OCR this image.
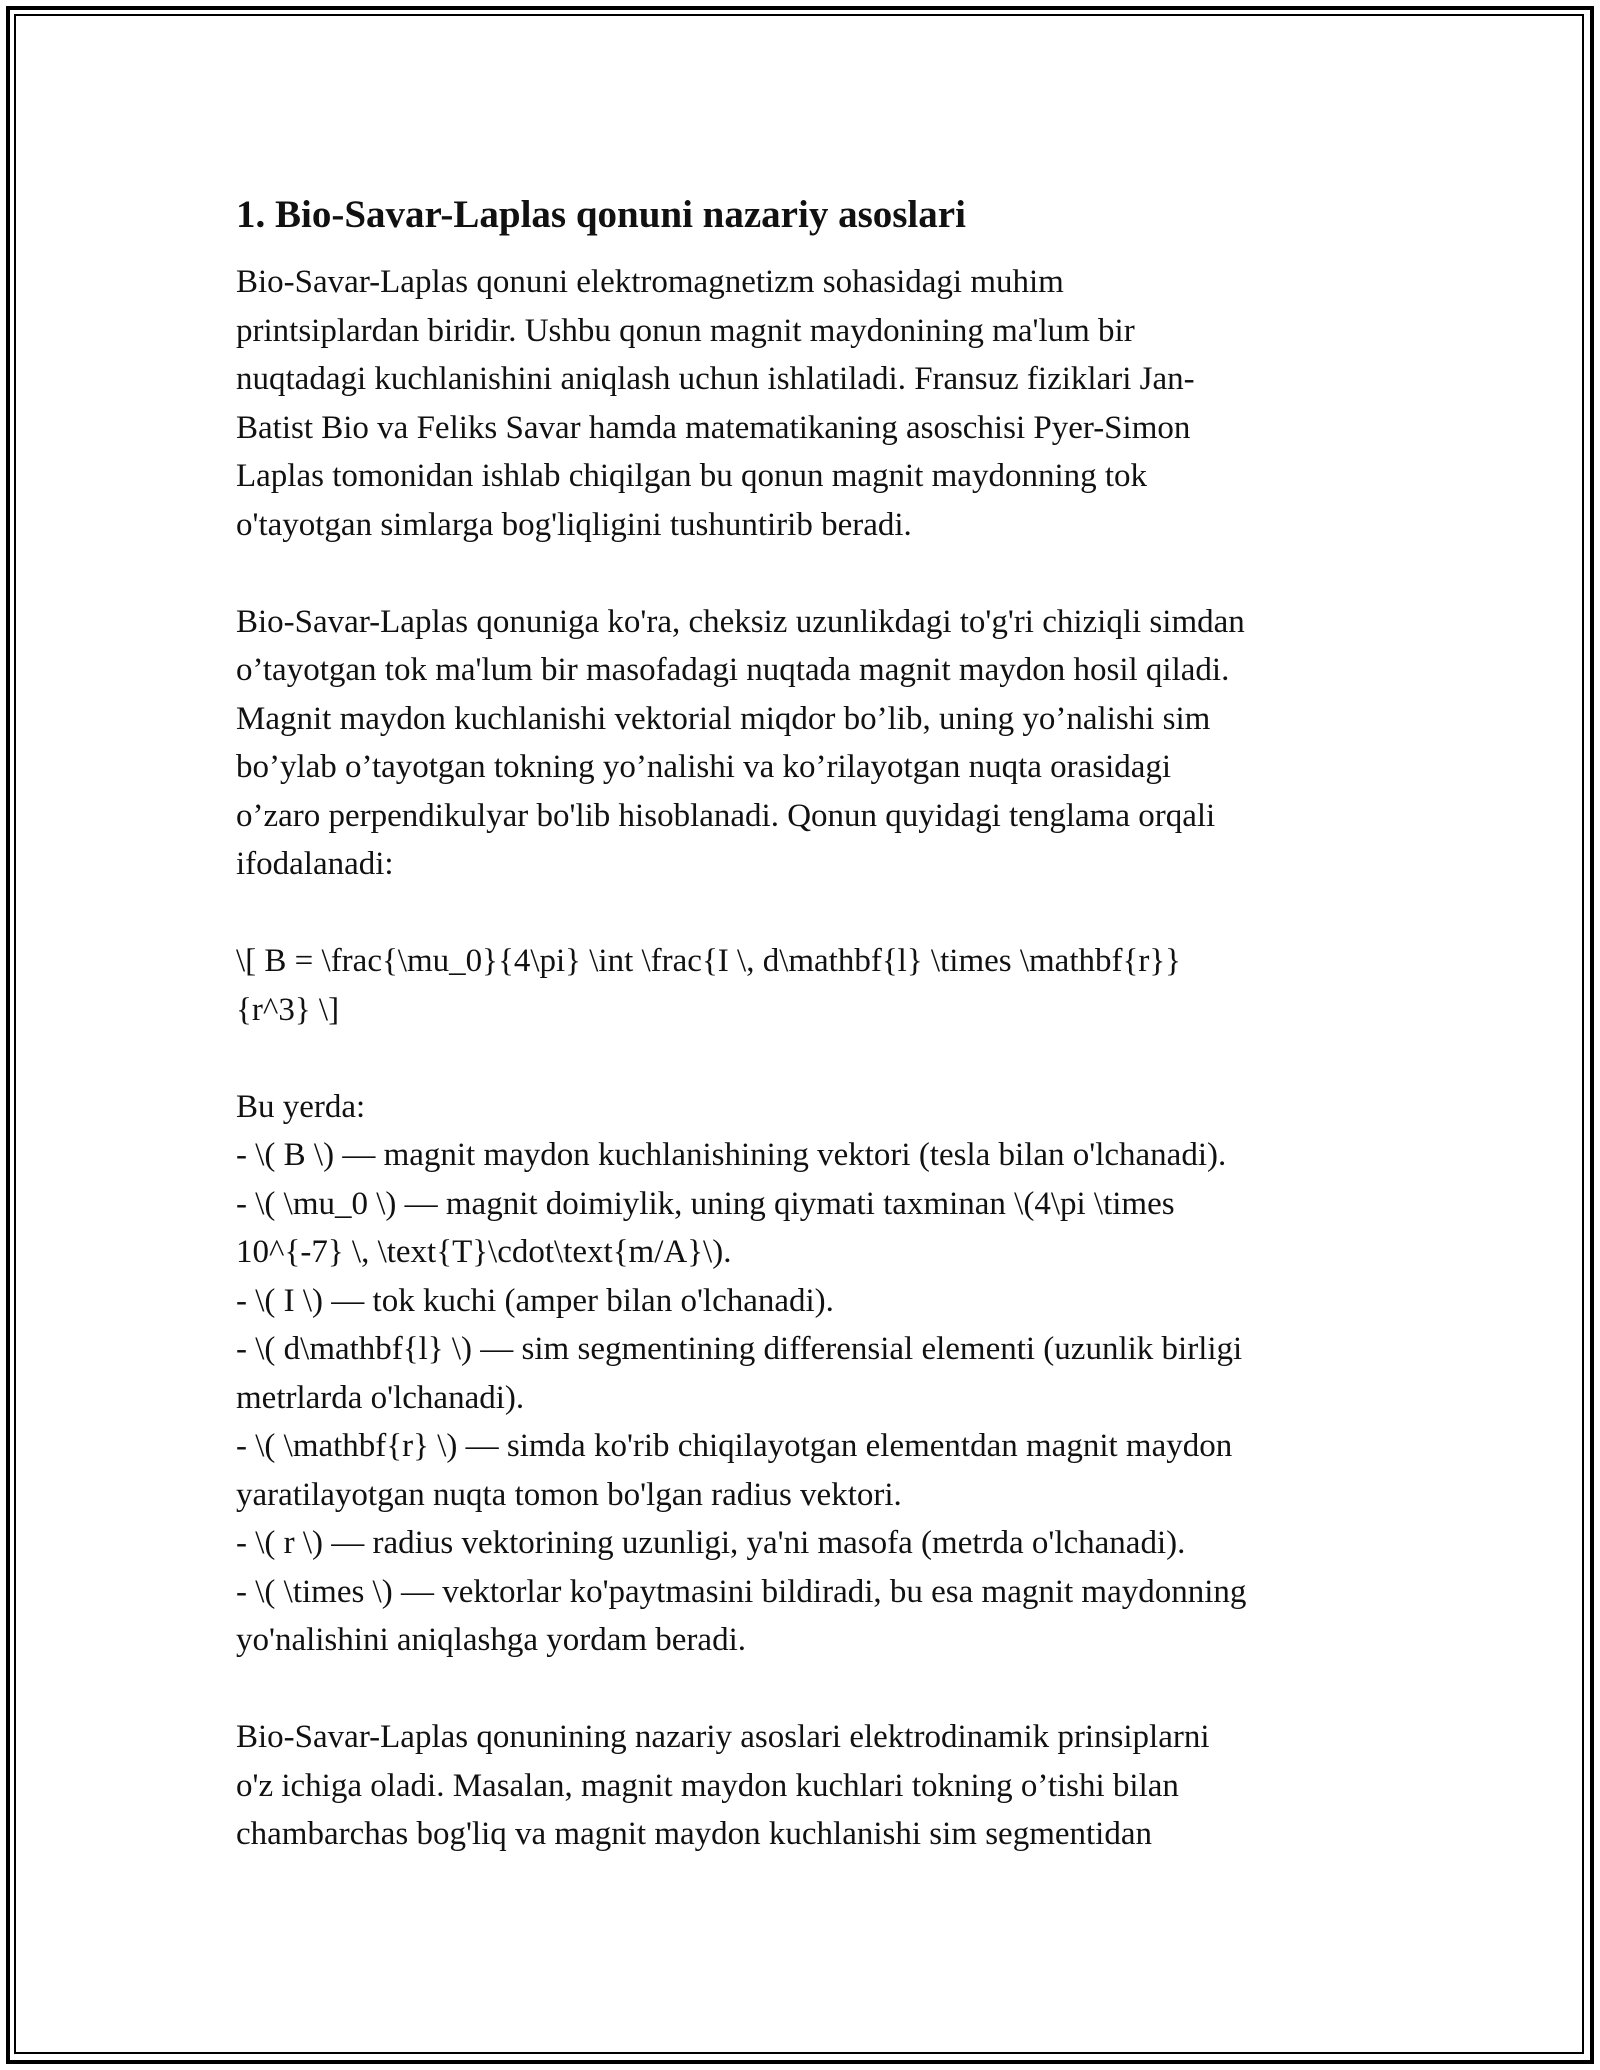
1. Bio-Savar-Laplas qonuni nazariy asoslari

Bio-Savar-Laplas qonuni elektromagnetizm sohasidagi muhim
printsiplardan biridir. Ushbu qonun magnit maydonining ma'lum bir
nuqtadagi kuchlanishini aniqlash uchun ishlatiladi. Fransuz fiziklari Jan-
Batist Bio va Feliks Savar hamda matematikaning asoschisi Pyer-Simon
Laplas tomonidan ishlab chiqilgan bu qonun magnit maydonning tok
o'tayotgan simlarga bog'liqligini tushuntirib beradi.

Bio-Savar-Laplas qonuniga ko'ra, cheksiz uzunlikdagi to'g'ri chiziqli simdan
o’tayotgan tok ma'lum bir masofadagi nuqtada magnit maydon hosil qiladi.
Magnit maydon kuchlanishi vektorial miqdor bo’lib, uning yo’nalishi sim
bo’ylab o’tayotgan tokning yo’nalishi va ko’rilayotgan nuqta orasidagi
o’zaro perpendikulyar bo'lib hisoblanadi. Qonun quyidagi tenglama orqali
ifodalanadi:

\[ B = \frac{\mu_0}{4\pi} \int \frac{I \, d\mathbf{l} \times \mathbf{r}}
{r^3} \]

Bu yerda:
- \( B \) — magnit maydon kuchlanishining vektori (tesla bilan o'lchanadi).
- \( \mu_0 \) — magnit doimiylik, uning qiymati taxminan \(4\pi \times
10^{-7} \, \text{T}\cdot\text{m/A}\).
- \( I \) — tok kuchi (amper bilan o'lchanadi).
- \( d\mathbf{l} \) — sim segmentining differensial elementi (uzunlik birligi
metrlarda o'lchanadi).
- \( \mathbf{r} \) — simda ko'rib chiqilayotgan elementdan magnit maydon
yaratilayotgan nuqta tomon bo'lgan radius vektori.
- \( r \) — radius vektorining uzunligi, ya'ni masofa (metrda o'lchanadi).
- \( \times \) — vektorlar ko'paytmasini bildiradi, bu esa magnit maydonning
yo'nalishini aniqlashga yordam beradi.

Bio-Savar-Laplas qonunining nazariy asoslari elektrodinamik prinsiplarni
o'z ichiga oladi. Masalan, magnit maydon kuchlari tokning o’tishi bilan
chambarchas bog'liq va magnit maydon kuchlanishi sim segmentidan
